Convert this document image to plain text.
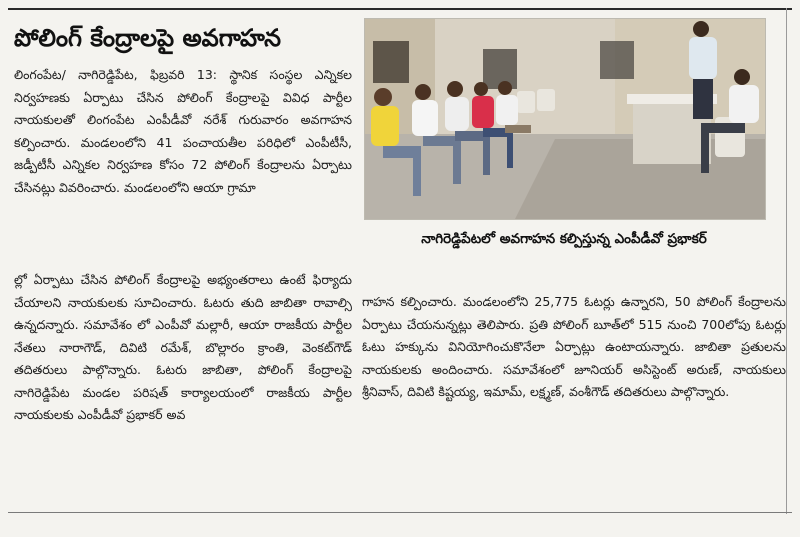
పోలింగ్ కేంద్రాలపై అవగాహన
లింగంపేట/ నాగిరెడ్డిపేట, ఫిబ్రవరి 13: స్థానిక సంస్థల ఎన్నికల నిర్వహణకు ఏర్పాటు చేసిన పోలింగ్ కేంద్రాలపై వివిధ పార్టీల నాయకులతో లింగంపేట ఎంపీడీవో నరేశ్ గురువారం అవగాహన కల్పించారు. మండలంలోని 41 పంచాయతీల పరిధిలో ఎంపీటీసీ, జడ్పీటీసీ ఎన్నికల నిర్వహణ కోసం 72 పోలింగ్ కేంద్రాలను ఏర్పాటు చేసినట్లు వివరించారు. మండలంలోని ఆయా గ్రామా
నాగిరెడ్డిపేటలో అవగాహన కల్పిస్తున్న ఎంపీడీవో ప్రభాకర్
ల్లో ఏర్పాటు చేసిన పోలింగ్ కేంద్రాలపై అభ్యంతరాలు ఉంటే ఫిర్యాదు చేయాలని నాయకులకు సూచించారు. ఓటరు తుది జాబితా రావాల్సి ఉన్నదన్నారు. సమావేశం లో ఎంపీవో మల్లారీ, ఆయా రాజకీయ పార్టీల నేతలు నారాగౌడ్, దివిటి రమేశ్, బొల్లారం క్రాంతి, వెంకట్‌గౌడ్ తదితరులు పాల్గొన్నారు. ఓటరు జాబితా, పోలింగ్ కేంద్రాలపై నాగిరెడ్డిపేట మండల పరిషత్ కార్యాలయంలో రాజకీయ పార్టీల నాయకులకు ఎంపీడీవో ప్రభాకర్ అవ
గాహన కల్పించారు. మండలంలోని 25,775 ఓటర్లు ఉన్నారని, 50 పోలింగ్ కేంద్రాలను ఏర్పాటు చేయనున్నట్లు తెలిపారు. ప్రతి పోలింగ్ బూత్‌లో 515 నుంచి 700లోపు ఓటర్లు ఓటు హక్కును వినియోగించుకొనేలా ఏర్పాట్లు ఉంటాయన్నారు. జాబితా ప్రతులను నాయకులకు అందించారు. సమావేశంలో జూనియర్ అసిస్టెంట్ అరుణ్, నాయకులు శ్రీనివాస్, దివిటి కిష్టయ్య, ఇమామ్, లక్ష్మణ్, వంశీగౌడ్ తదితరులు పాల్గొన్నారు.
